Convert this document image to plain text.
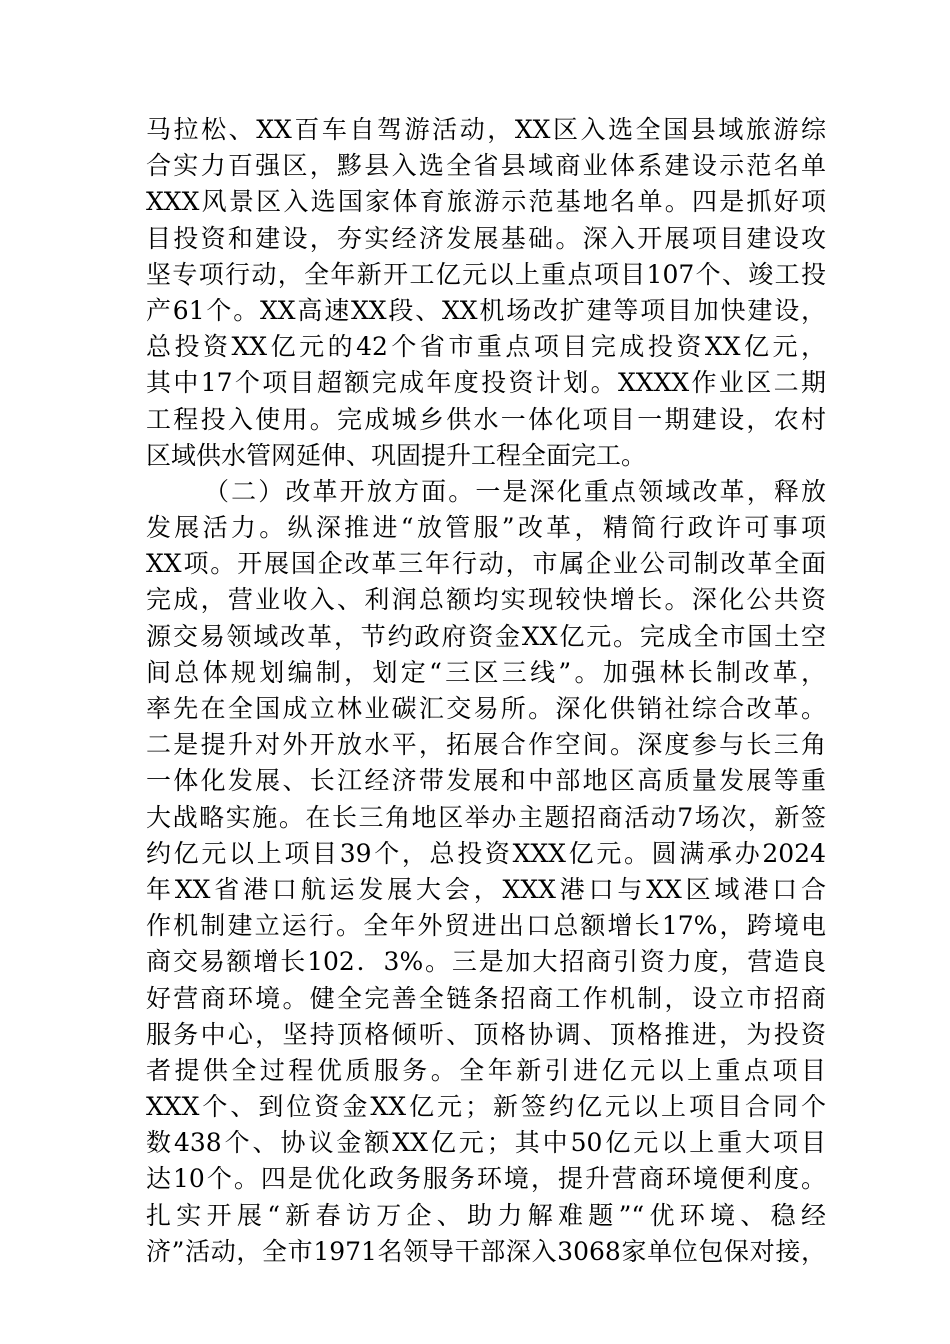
马拉松、XX百车自驾游活动，XX区入选全国县域旅游综
合实力百强区，黟县入选全省县域商业体系建设示范名单
XXX风景区入选国家体育旅游示范基地名单。四是抓好项
目投资和建设，夯实经济发展基础。深入开展项目建设攻
坚专项行动，全年新开工亿元以上重点项目107个、竣工投
产61个。XX高速XX段、XX机场改扩建等项目加快建设，
总投资XX亿元的42个省市重点项目完成投资XX亿元，
其中17个项目超额完成年度投资计划。XXXX作业区二期
工程投入使用。完成城乡供水一体化项目一期建设，农村
区域供水管网延伸、巩固提升工程全面完工。
（二）改革开放方面。一是深化重点领域改革，释放
发展活力。纵深推进“放管服”改革，精简行政许可事项
XX项。开展国企改革三年行动，市属企业公司制改革全面
完成，营业收入、利润总额均实现较快增长。深化公共资
源交易领域改革，节约政府资金XX亿元。完成全市国土空
间总体规划编制，划定“三区三线”。加强林长制改革，
率先在全国成立林业碳汇交易所。深化供销社综合改革。
二是提升对外开放水平，拓展合作空间。深度参与长三角
一体化发展、长江经济带发展和中部地区高质量发展等重
大战略实施。在长三角地区举办主题招商活动7场次，新签
约亿元以上项目39个，总投资XXX亿元。圆满承办2024
年XX省港口航运发展大会，XXX港口与XX区域港口合
作机制建立运行。全年外贸进出口总额增长17%，跨境电
商交易额增长102．3%。三是加大招商引资力度，营造良
好营商环境。健全完善全链条招商工作机制，设立市招商
服务中心，坚持顶格倾听、顶格协调、顶格推进，为投资
者提供全过程优质服务。全年新引进亿元以上重点项目
XXX个、到位资金XX亿元；新签约亿元以上项目合同个
数438个、协议金额XX亿元；其中50亿元以上重大项目
达10个。四是优化政务服务环境，提升营商环境便利度。
扎实开展“新春访万企、助力解难题”“优环境、稳经
济”活动，全市1971名领导干部深入3068家单位包保对接，
